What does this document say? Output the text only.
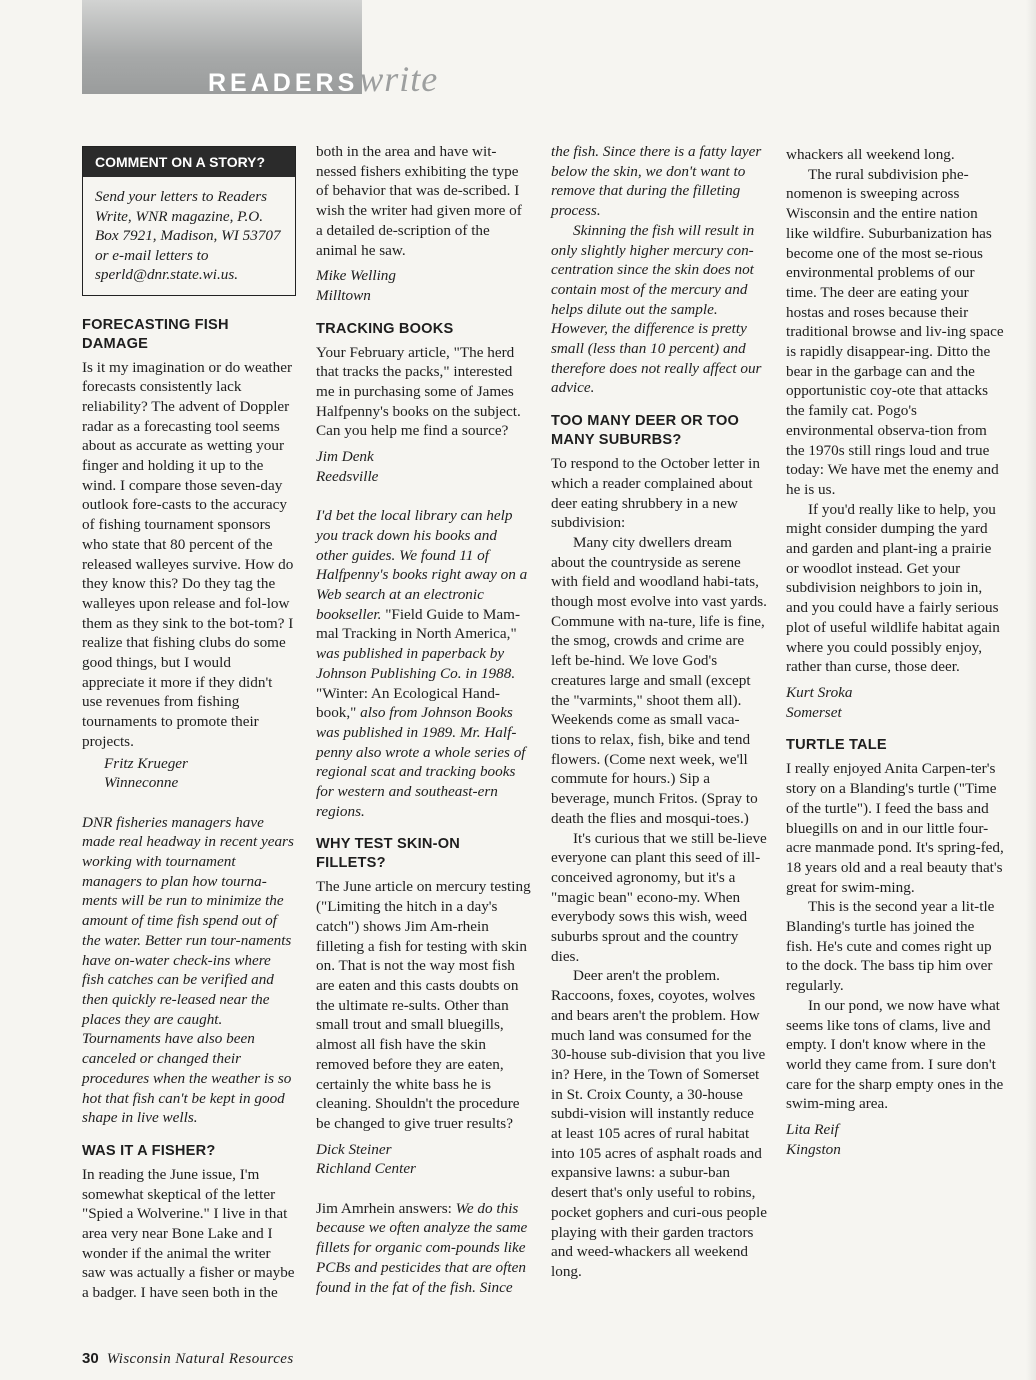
READERSwrite
COMMENT ON A STORY?
Send your letters to Readers Write, WNR magazine, P.O. Box 7921, Madison, WI 53707 or e-mail letters to sperld@dnr.state.wi.us.
FORECASTING FISH DAMAGE

Is it my imagination or do weather forecasts consistently lack reliability? The advent of Doppler radar as a forecasting tool seems about as accurate as wetting your finger and holding it up to the wind. I compare those seven-day outlook fore-casts to the accuracy of fishing tournament sponsors who state that 80 percent of the released walleyes survive. How do they know this? Do they tag the walleyes upon release and fol-low them as they sink to the bot-tom? I realize that fishing clubs do some good things, but I would appreciate it more if they didn't use revenues from fishing tournaments to promote their projects.

Fritz Krueger

Winneconne

DNR fisheries managers have made real headway in recent years working with tournament managers to plan how tourna-ments will be run to minimize the amount of time fish spend out of the water. Better run tour-naments have on-water check-ins where fish catches can be verified and then quickly re-leased near the places they are caught. Tournaments have also been canceled or changed their procedures when the weather is so hot that fish can't be kept in good shape in live wells.

WAS IT A FISHER?

In reading the June issue, I'm somewhat skeptical of the letter "Spied a Wolverine." I live in that area very near Bone Lake and I wonder if the animal the writer saw was actually a fisher or maybe a badger. I have seen both in the

both in the area and have wit-nessed fishers exhibiting the type of behavior that was de-scribed. I wish the writer had given more of a detailed de-scription of the animal he saw.

Mike Welling

Milltown

TRACKING BOOKS

Your February article, "The herd that tracks the packs," interested me in purchasing some of James Halfpenny's books on the subject. Can you help me find a source?

Jim Denk

Reedsville

I'd bet the local library can help you track down his books and other guides. We found 11 of Halfpenny's books right away on a Web search at an electronic bookseller. "Field Guide to Mam-mal Tracking in North America," was published in paperback by Johnson Publishing Co. in 1988. "Winter: An Ecological Hand-book," also from Johnson Books was published in 1989. Mr. Half-penny also wrote a whole series of regional scat and tracking books for western and southeast-ern regions.

WHY TEST SKIN-ON FILLETS?

The June article on mercury testing ("Limiting the hitch in a day's catch") shows Jim Am-rhein filleting a fish for testing with skin on. That is not the way most fish are eaten and this casts doubts on the ultimate re-sults. Other than small trout and small bluegills, almost all fish have the skin removed before they are eaten, certainly the white bass he is cleaning. Shouldn't the procedure be changed to give truer results?

Dick Steiner

Richland Center

Jim Amrhein answers: We do this because we often analyze the same fillets for organic com-pounds like PCBs and pesticides that are often found in the fat of the fish. Since

the fish. Since there is a fatty layer below the skin, we don't want to remove that during the filleting process.

Skinning the fish will result in only slightly higher mercury con-centration since the skin does not contain most of the mercury and helps dilute out the sample. However, the difference is pretty small (less than 10 percent) and therefore does not really affect our advice.

TOO MANY DEER OR TOO
MANY SUBURBS?

To respond to the October letter in which a reader complained about deer eating shrubbery in a new subdivision:

Many city dwellers dream about the countryside as serene with field and woodland habi-tats, though most evolve into vast yards. Commune with na-ture, life is fine, the smog, crowds and crime are left be-hind. We love God's creatures large and small (except the "varmints," shoot them all). Weekends come as small vaca-tions to relax, fish, bike and tend flowers. (Come next week, we'll commute for hours.) Sip a beverage, munch Fritos. (Spray to death the flies and mosqui-toes.)

It's curious that we still be-lieve everyone can plant this seed of ill-conceived agronomy, but it's a "magic bean" econo-my. When everybody sows this wish, weed suburbs sprout and the country dies.

Deer aren't the problem. Raccoons, foxes, coyotes, wolves and bears aren't the problem. How much land was consumed for the 30-house sub-division that you live in? Here, in the Town of Somerset in St. Croix County, a 30-house subdi-vision will instantly reduce at least 105 acres of rural habitat into 105 acres of asphalt roads and expansive lawns: a subur-ban desert that's only useful to robins, pocket gophers and curi-ous people playing with their garden tractors and weed-whackers all weekend long.

whackers all weekend long.

The rural subdivision phe-nomenon is sweeping across Wisconsin and the entire nation like wildfire. Suburbanization has become one of the most se-rious environmental problems of our time. The deer are eating your hostas and roses because their traditional browse and liv-ing space is rapidly disappear-ing. Ditto the bear in the garbage can and the opportunistic coy-ote that attacks the family cat. Pogo's environmental observa-tion from the 1970s still rings loud and true today: We have met the enemy and he is us.

If you'd really like to help, you might consider dumping the yard and garden and plant-ing a prairie or woodlot instead. Get your subdivision neighbors to join in, and you could have a fairly serious plot of useful wildlife habitat again where you could possibly enjoy, rather than curse, those deer.

Kurt Sroka

Somerset

TURTLE TALE

I really enjoyed Anita Carpen-ter's story on a Blanding's turtle ("Time of the turtle"). I feed the bass and bluegills on and in our little four-acre manmade pond. It's spring-fed, 18 years old and a real beauty that's great for swim-ming.

This is the second year a lit-tle Blanding's turtle has joined the fish. He's cute and comes right up to the dock. The bass tip him over regularly.

In our pond, we now have what seems like tons of clams, live and empty. I don't know where in the world they came from. I sure don't care for the sharp empty ones in the swim-ming area.

Lita Reif

Kingston

30 Wisconsin Natural Resources
